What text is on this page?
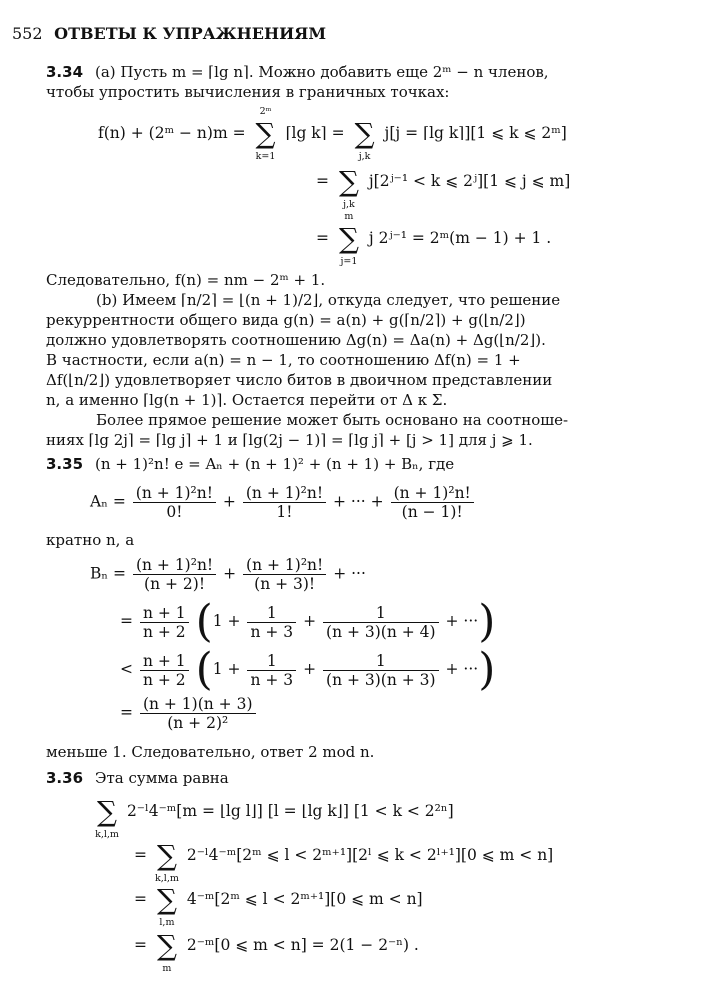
552 ОТВЕТЫ К УПРАЖНЕНИЯМ
3.34 (a) Пусть m = ⌈lg n⌉. Можно добавить еще 2ᵐ − n членов,
чтобы упростить вычисления в граничных точках:
f(n) + (2ᵐ − n)m =
2ᵐ
∑
k=1
⌈lg k⌉ = ∑
j,k
j[j = ⌈lg k⌉][1 ⩽ k ⩽ 2ᵐ]
= ∑
j,k
j[2ʲ⁻¹ < k ⩽ 2ʲ][1 ⩽ j ⩽ m]
=
m
∑
j=1
j 2ʲ⁻¹ = 2ᵐ(m − 1) + 1 .
Следовательно, f(n) = nm − 2ᵐ + 1.
(b) Имеем ⌈n/2⌉ = ⌊(n + 1)/2⌋, откуда следует, что решение
рекуррентности общего вида g(n) = a(n) + g(⌈n/2⌉) + g(⌊n/2⌋)
должно удовлетворять соотношению Δg(n) = Δa(n) + Δg(⌊n/2⌋).
В частности, если a(n) = n − 1, то соотношению Δf(n) = 1 +
Δf(⌊n/2⌋) удовлетворяет число битов в двоичном представлении
n, а именно ⌈lg(n + 1)⌉. Остается перейти от Δ к Σ.
Более прямое решение может быть основано на соотноше-
ниях ⌈lg 2j⌉ = ⌈lg j⌉ + 1 и ⌈lg(2j − 1)⌉ = ⌈lg j⌉ + [j > 1] для j ⩾ 1.
3.35 (n + 1)²n! e = Aₙ + (n + 1)² + (n + 1) + Bₙ, где
$A_n = \frac{\text{(n + 1)²n!}}{0!} + \frac{\text{(n + 1)²n!}}{1!}$ + ··· + $\frac{\text{(n + 1)²n!}}{(n - 1)!}$
кратно n, а
$B_n = \frac{\text{(n + 1)²n!}}{(n + 2)!} + \frac{\text{(n + 1)²n!}}{(n + 3)!}$ + ···
= $\frac{n + 1}{n + 2} (1 + \frac{1}{n + 3} + \frac{1}{(n + 3)(n + 4)}$ + ···)
< $\frac{n + 1}{n + 2} (1 + \frac{1}{n + 3} + \frac{1}{(n + 3)(n + 3)}$ + ···)
= $\frac{(n + 1)(n + 3)}{\text{(n + 2)²}}$
меньше 1. Следовательно, ответ 2 mod n.
3.36 Эта сумма равна
∑
k,l,m
2⁻ˡ4⁻ᵐ[m = ⌊lg l⌋] [l = ⌊lg k⌋] [1 < k < 2²ⁿ]
= ∑
k,l,m
2⁻ˡ4⁻ᵐ[2ᵐ ⩽ l < 2ᵐ⁺¹][2ˡ ⩽ k < 2ˡ⁺¹][0 ⩽ m < n]
= ∑
l,m
4⁻ᵐ[2ᵐ ⩽ l < 2ᵐ⁺¹][0 ⩽ m < n]
= ∑
m
2⁻ᵐ[0 ⩽ m < n] = 2(1 − 2⁻ⁿ) .
